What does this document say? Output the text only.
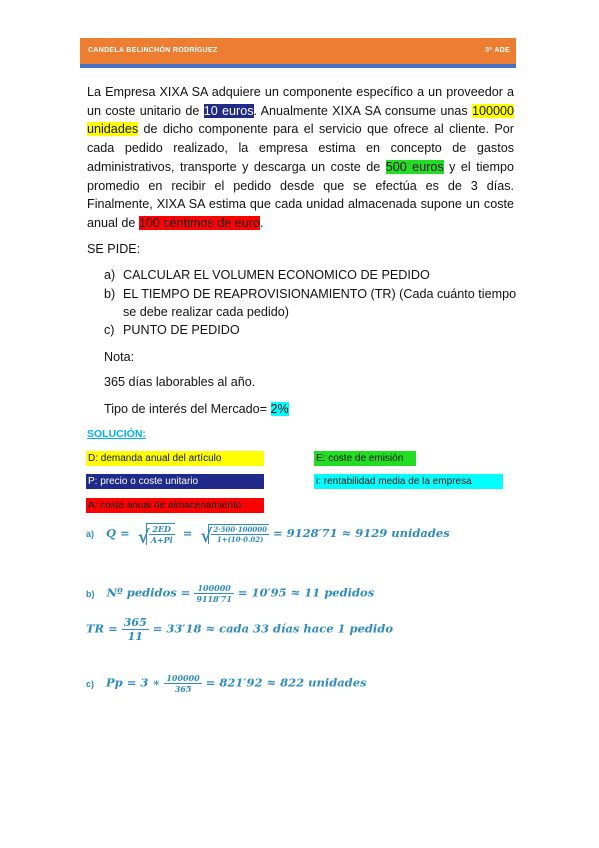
CANDELA BELINCHÓN RODRÍGUEZ	3º ADE
La Empresa XIXA SA adquiere un componente específico a un proveedor a un coste unitario de 10 euros. Anualmente XIXA SA consume unas 100000 unidades de dicho componente para el servicio que ofrece al cliente. Por cada pedido realizado, la empresa estima en concepto de gastos administrativos, transporte y descarga un coste de 500 euros y el tiempo promedio en recibir el pedido desde que se efectúa es de 3 días. Finalmente, XIXA SA estima que cada unidad almacenada supone un coste anual de 100 céntimos de euro.
SE PIDE:
a) CALCULAR EL VOLUMEN ECONOMICO DE PEDIDO
b) EL TIEMPO DE REAPROVISIONAMIENTO (TR) (Cada cuánto tiempo se debe realizar cada pedido)
c) PUNTO DE PEDIDO
Nota:
365 días laborables al año.
Tipo de interés del Mercado= 2%
SOLUCIÓN:
D: demanda anual del artículo	E: coste de emisión
P: precio o coste unitario	i: rentabilidad media de la empresa
A: coste anual de almacenamiento
a) Q = √ $\frac{2ED}{A+Pi}$ =	√ $\frac{2\cdot 500\cdot 100000}{1+(10\cdot 0.02)} = 9128'71 \approx 9129$ unidades
b) Nº pedidos = $\frac{100000}{9118'71} = 10'95 \approx 11$ pedidos
TR = $\frac{365}{11} = 33'18$ ≈ cada 33 días hace 1 pedido
c) Pp = 3 ∗ $\frac{100000}{365} = 821'92 \approx 822$ unidades
